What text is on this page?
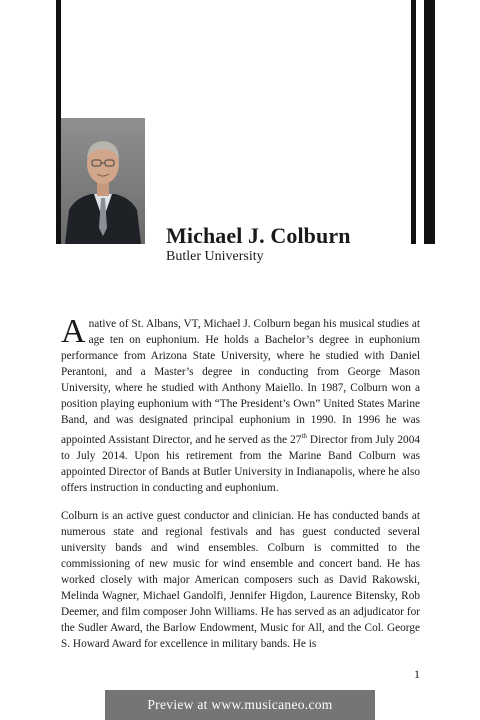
Michael J. Colburn
Butler University

A native of St. Albans, VT, Michael J. Colburn began his musical studies at age ten on euphonium. He holds a Bachelor’s degree in euphonium performance from Arizona State University, where he studied with Daniel Perantoni, and a Master’s degree in conducting from George Mason University, where he studied with Anthony Maiello. In 1987, Colburn won a position playing euphonium with “The President’s Own” United States Marine Band, and was designated principal euphonium in 1990. In 1996 he was appointed Assistant Director, and he served as the 27th Director from July 2004 to July 2014. Upon his retirement from the Marine Band Colburn was appointed Director of Bands at Butler University in Indianapolis, where he also offers instruction in conducting and euphonium.

Colburn is an active guest conductor and clinician. He has conducted bands at numerous state and regional festivals and has guest conducted several university bands and wind ensembles. Colburn is committed to the commissioning of new music for wind ensemble and concert band. He has worked closely with major American composers such as David Rakowski, Melinda Wagner, Michael Gandolfi, Jennifer Higdon, Laurence Bitensky, Rob Deemer, and film composer John Williams. He has served as an adjudicator for the Sudler Award, the Barlow Endowment, Music for All, and the Col. George S. Howard Award for excellence in military bands. He is

1
Preview at www.musicaneo.com
